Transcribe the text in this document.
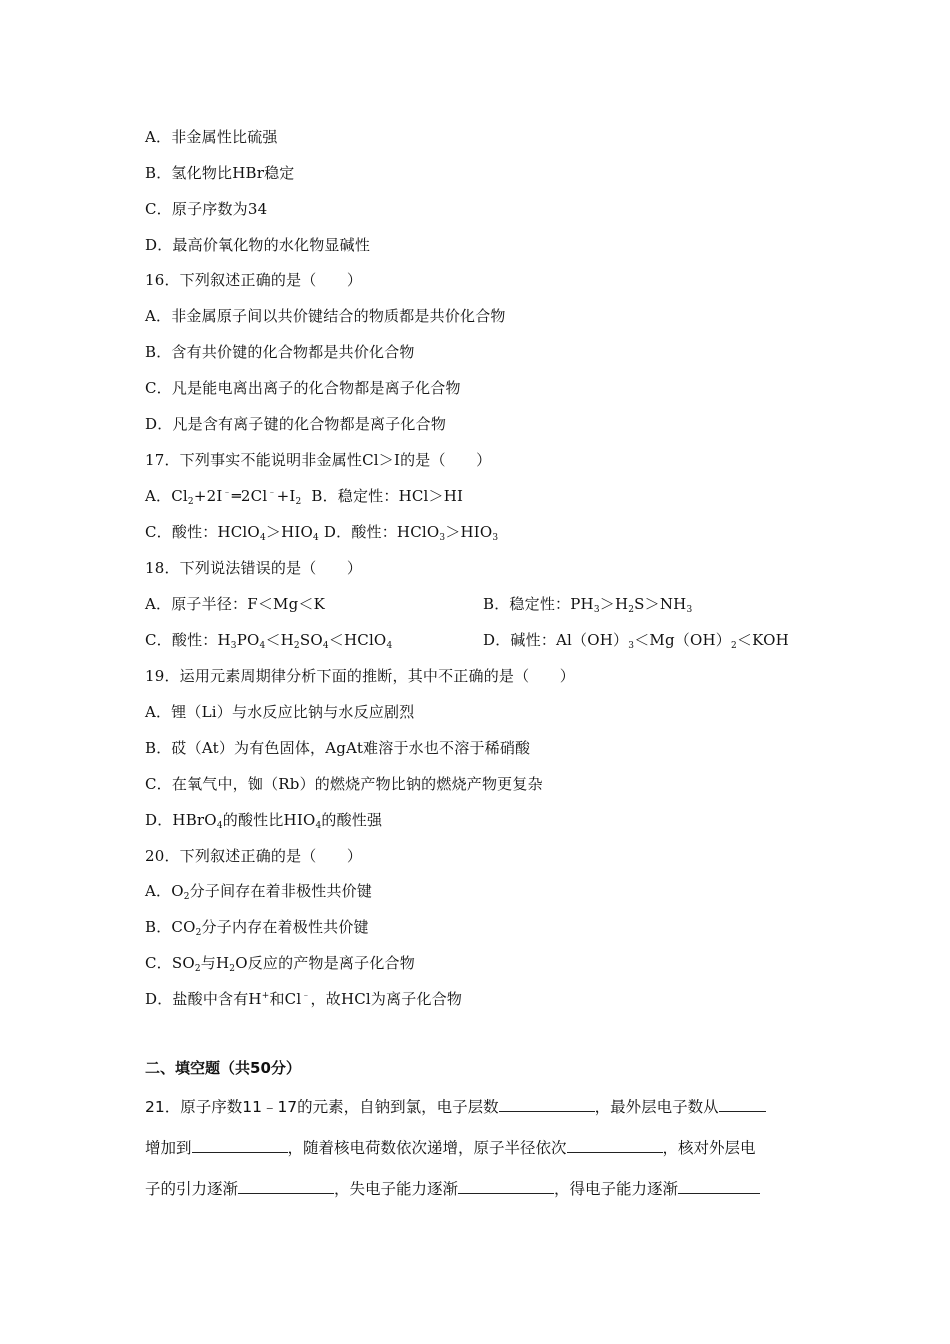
A．非金属性比硫强
B．氢化物比HBr稳定
C．原子序数为34
D．最高价氧化物的水化物显碱性
16．下列叙述正确的是（　　）
A．非金属原子间以共价键结合的物质都是共价化合物
B．含有共价键的化合物都是共价化合物
C．凡是能电离出离子的化合物都是离子化合物
D．凡是含有离子键的化合物都是离子化合物
17．下列事实不能说明非金属性Cl＞I的是（　　）
A．$Cl_2+2I^﹣═2Cl^﹣+I_2$ B．稳定性：HCl＞HI
C．酸性：$HClO_4>HIO_4$ D．酸性：$HClO_3>HIO_3$
18．下列说法错误的是（　　）
A．原子半径：F＜Mg＜K	B．稳定性：$PH_3>H_2S>NH_3$
C．酸性：$H_3PO_4<H_2SO_4<HClO_4$	D．碱性：$Al(OH)_3<Mg(OH)_2<KOH$
19．运用元素周期律分析下面的推断，其中不正确的是（　　）
A．锂（Li）与水反应比钠与水反应剧烈
B．砹（At）为有色固体，AgAt难溶于水也不溶于稀硝酸
C．在氧气中，铷（Rb）的燃烧产物比钠的燃烧产物更复杂
D．HBrO$_4$的酸性比$HIO_4$的酸性强
20．下列叙述正确的是（　　）
A．$O_2$分子间存在着非极性共价键
B．$CO_2$分子内存在着极性共价键
C．$SO_2$与$H_2O$反应的产物是离子化合物
D．盐酸中含有H+和Cl﹣，故HCl为离子化合物
二、填空题（共50分）
21．原子序数11﹣17的元素，自钠到氯，电子层数	，最外层电子数从
增加到	，随着核电荷数依次递增，原子半径依次	，核对外层电
子的引力逐渐	，失电子能力逐渐	，得电子能力逐渐
